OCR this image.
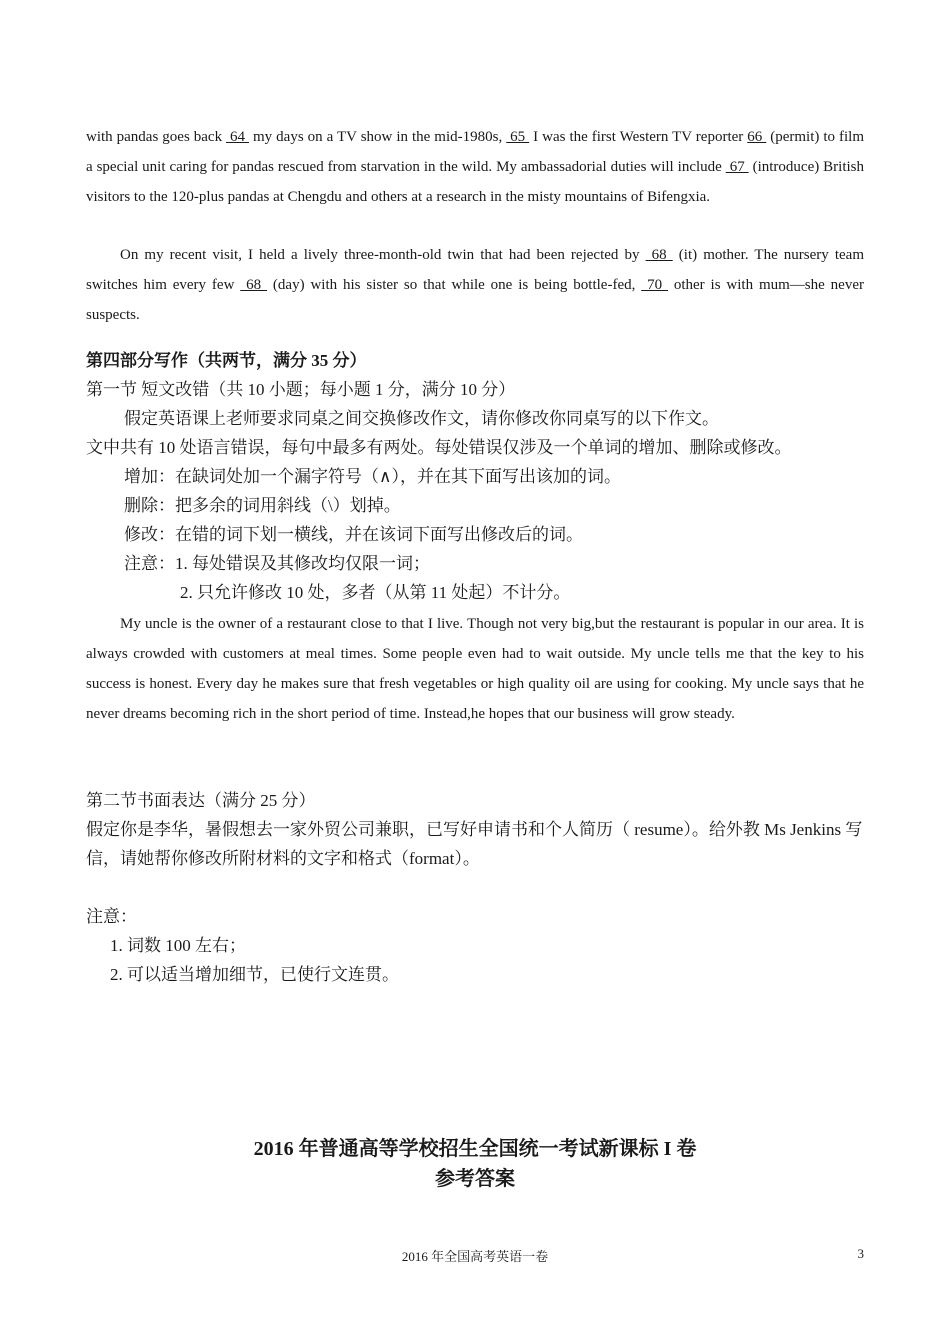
with pandas goes back  64  my days on a TV show in the mid-1980s,  65  I was the first Western TV reporter 66  (permit) to film a special unit caring for pandas rescued from starvation in the wild. My ambassadorial duties will include  67  (introduce) British visitors to the 120-plus pandas at Chengdu and others at a research in the misty mountains of Bifengxia.

On my recent visit, I held a lively three-month-old twin that had been rejected by  68  (it) mother. The nursery team switches him every few  68  (day) with his sister so that while one is being bottle-fed,  70  other is with mum—she never suspects.

第四部分写作（共两节，满分 35 分）

第一节 短文改错（共 10 小题；每小题 1 分，满分 10 分）

假定英语课上老师要求同桌之间交换修改作文，请你修改你同桌写的以下作文。

文中共有 10 处语言错误，每句中最多有两处。每处错误仅涉及一个单词的增加、删除或修改。

增加：在缺词处加一个漏字符号（∧），并在其下面写出该加的词。

删除：把多余的词用斜线（\）划掉。

修改：在错的词下划一横线，并在该词下面写出修改后的词。

注意：1. 每处错误及其修改均仅限一词；

2. 只允许修改 10 处，多者（从第 11 处起）不计分。

My uncle is the owner of a restaurant close to that I live. Though not very big,but the restaurant is popular in our area. It is always crowded with customers at meal times. Some people even had to wait outside. My uncle tells me that the key to his success is honest. Every day he makes sure that fresh vegetables or high quality oil are using for cooking. My uncle says that he never dreams becoming rich in the short period of time. Instead,he hopes that our business will grow steady.

第二节书面表达（满分 25 分）

假定你是李华，暑假想去一家外贸公司兼职，已写好申请书和个人简历（ resume）。给外教 Ms Jenkins 写信，请她帮你修改所附材料的文字和格式（format）。

注意：

1. 词数 100 左右；

2. 可以适当增加细节，已使行文连贯。

2016 年普通高等学校招生全国统一考试新课标 I 卷

参考答案

2016 年全国高考英语一卷	3
